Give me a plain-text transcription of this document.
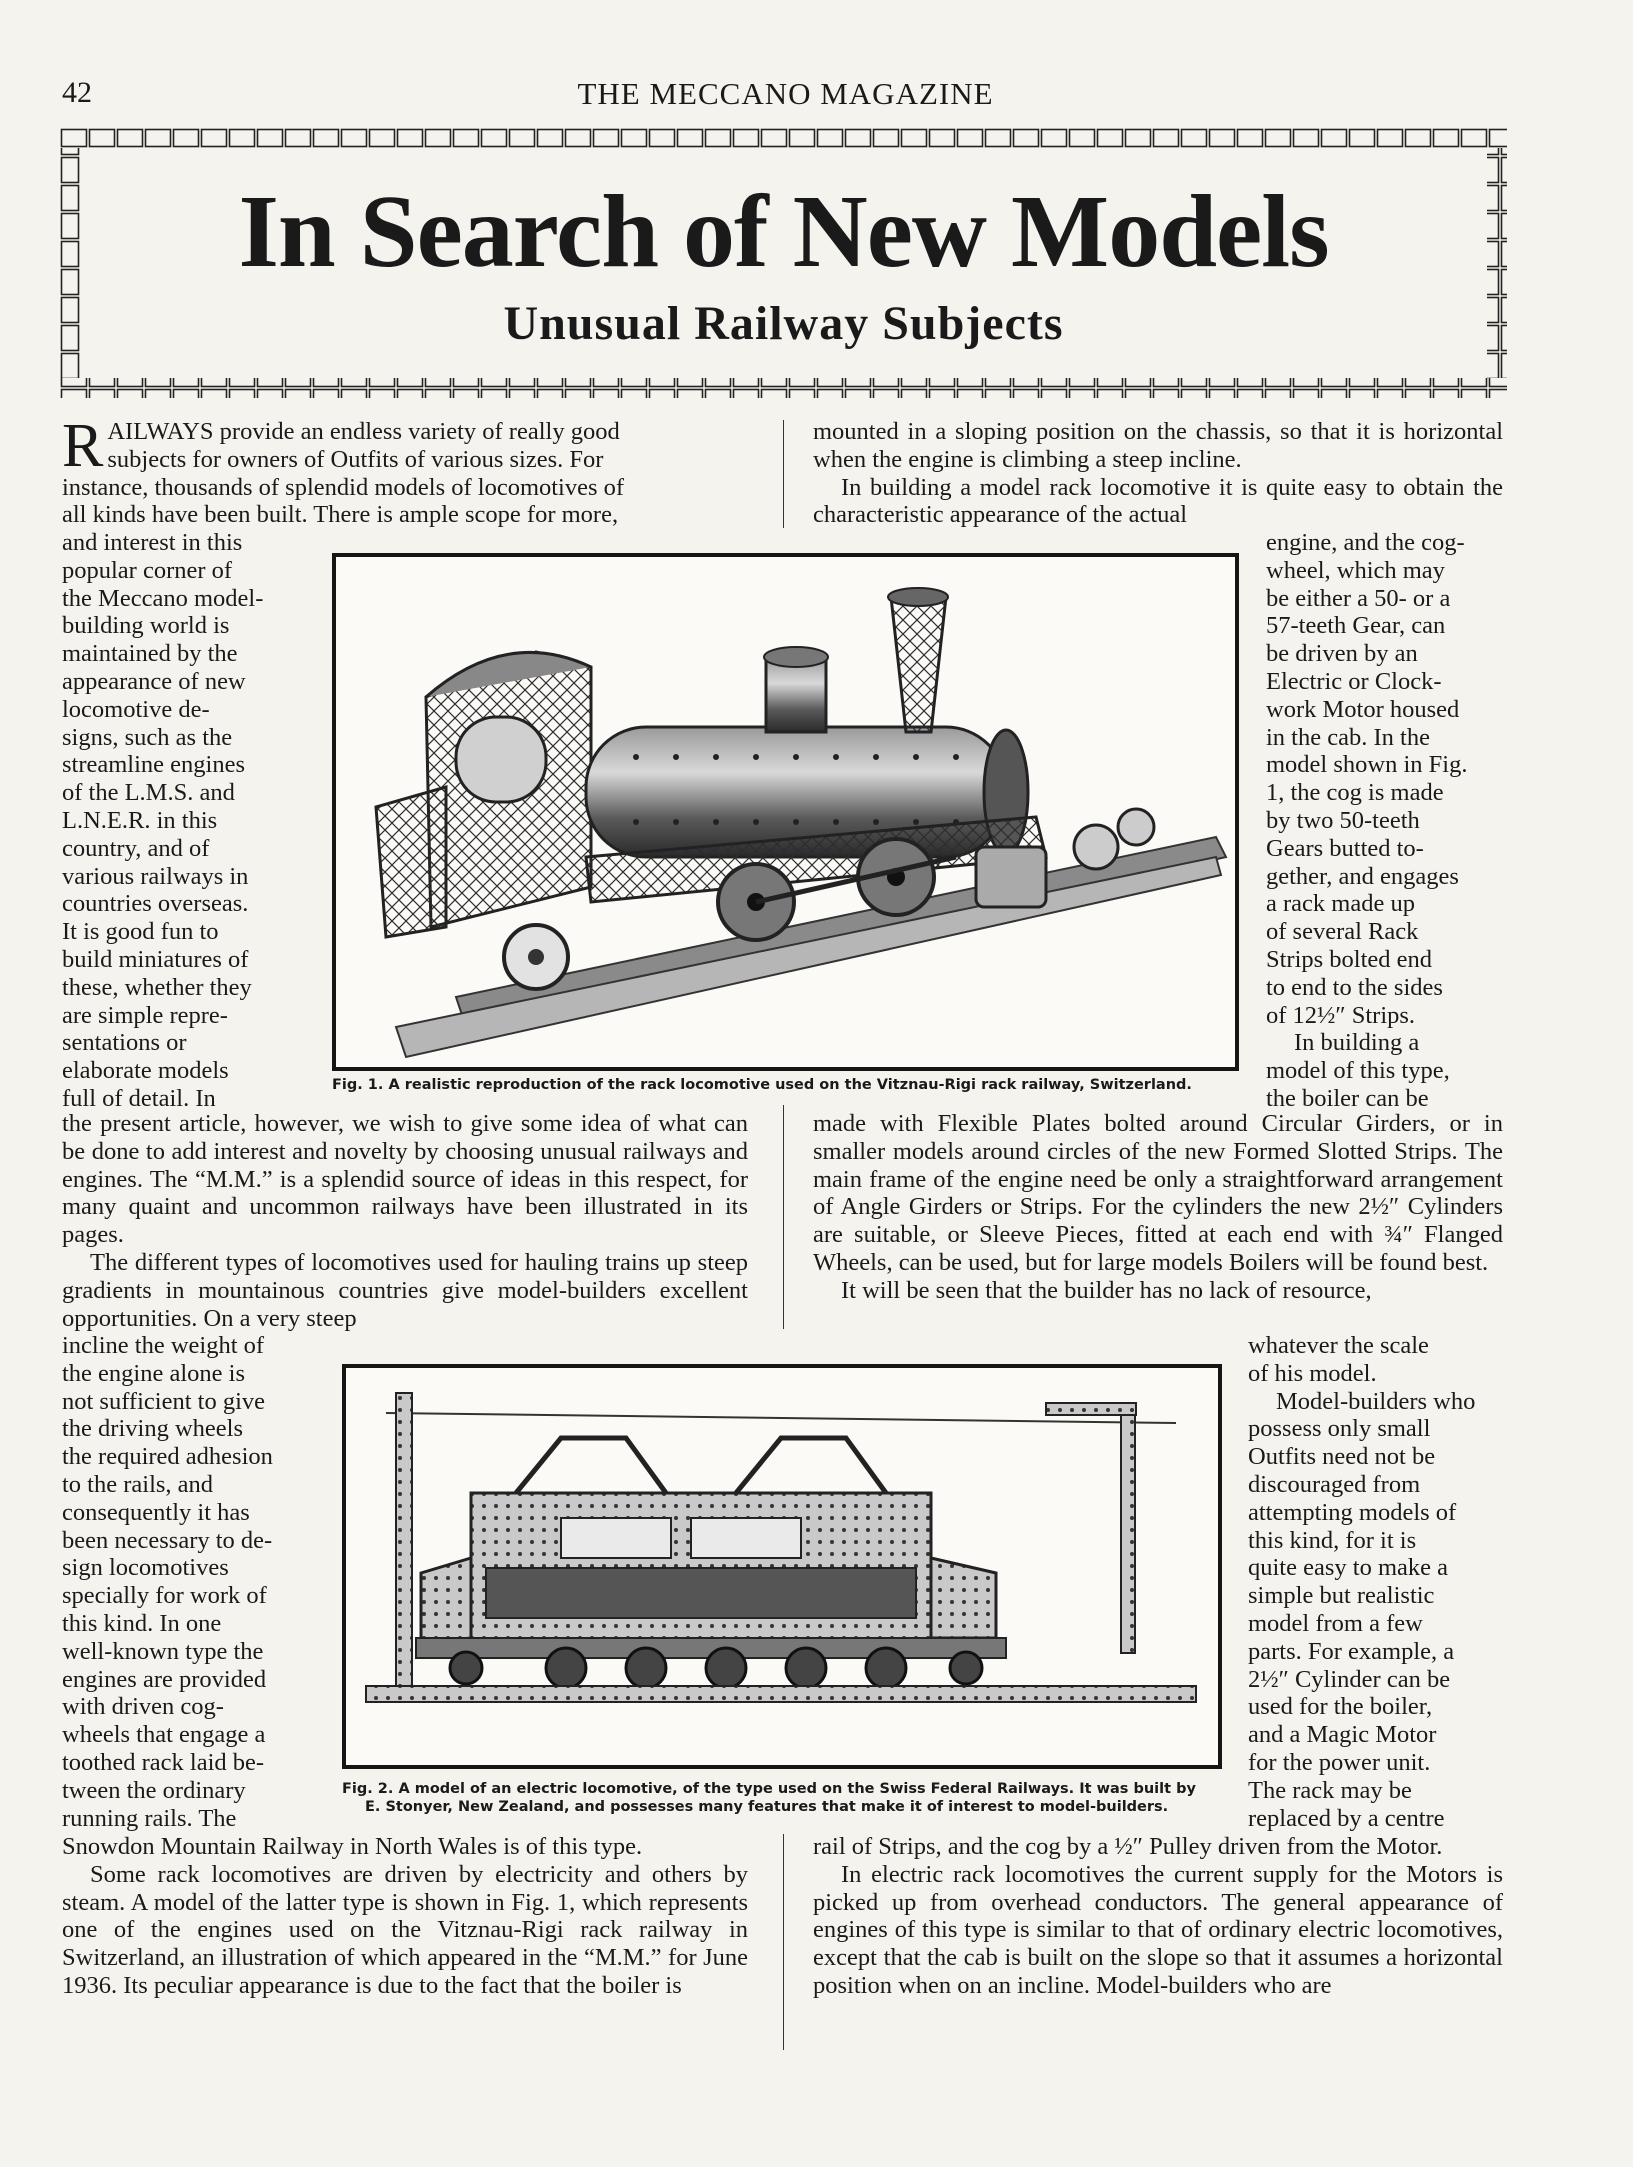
42	THE MECCANO MAGAZINE
In Search of New Models
Unusual Railway Subjects
R AILWAYS provide an endless variety of really good
subjects for owners of Outfits of various sizes. For
instance, thousands of splendid models of locomotives of
all kinds have been built. There is ample scope for more,
and interest in this
popular corner of
the Meccano model-
building world is
maintained by the
appearance of new
locomotive de-
signs, such as the
streamline engines
of the L.M.S. and
L.N.E.R. in this
country, and of
various railways in
countries overseas.
It is good fun to
build miniatures of
these, whether they
are simple repre-
sentations or
elaborate models
full of detail. In

the present article, however, we wish to give some idea of what can be done to add interest and novelty by choosing unusual railways and engines. The “M.M.” is a splendid source of ideas in this respect, for many quaint and uncommon railways have been illustrated in its pages.

The different types of locomotives used for hauling trains up steep gradients in mountainous countries give model-builders excellent opportunities. On a very steep

incline the weight of
the engine alone is
not sufficient to give
the driving wheels
the required adhesion
to the rails, and
consequently it has
been necessary to de-
sign locomotives
specially for work of
this kind. In one
well-known type the
engines are provided
with driven cog-
wheels that engage a
toothed rack laid be-
tween the ordinary
running rails. The

Snowdon Mountain Railway in North Wales is of this type.

Some rack locomotives are driven by electricity and others by steam. A model of the latter type is shown in Fig. 1, which represents one of the engines used on the Vitznau-Rigi rack railway in Switzerland, an illustration of which appeared in the “M.M.” for June 1936. Its peculiar appearance is due to the fact that the boiler is

mounted in a sloping position on the chassis, so that it is horizontal when the engine is climbing a steep incline.

In building a model rack locomotive it is quite easy to obtain the characteristic appearance of the actual

engine, and the cog-
wheel, which may
be either a 50- or a
57-teeth Gear, can
be driven by an
Electric or Clock-
work Motor housed
in the cab. In the
model shown in Fig.
1, the cog is made
by two 50-teeth
Gears butted to-
gether, and engages
a rack made up
of several Rack
Strips bolted end
to end to the sides
of 12½″ Strips.
In building a
model of this type,
the boiler can be

made with Flexible Plates bolted around Circular Girders, or in smaller models around circles of the new Formed Slotted Strips. The main frame of the engine need be only a straightforward arrangement of Angle Girders or Strips. For the cylinders the new 2½″ Cylinders are suitable, or Sleeve Pieces, fitted at each end with ¾″ Flanged Wheels, can be used, but for large models Boilers will be found best.

It will be seen that the builder has no lack of resource,

whatever the scale
of his model.
Model-builders who
possess only small
Outfits need not be
discouraged from
attempting models of
this kind, for it is
quite easy to make a
simple but realistic
model from a few
parts. For example, a
2½″ Cylinder can be
used for the boiler,
and a Magic Motor
for the power unit.
The rack may be
replaced by a centre

rail of Strips, and the cog by a ½″ Pulley driven from the Motor.

In electric rack locomotives the current supply for the Motors is picked up from overhead conductors. The general appearance of engines of this type is similar to that of ordinary electric locomotives, except that the cab is built on the slope so that it assumes a horizontal position when on an incline. Model-builders who are

Fig. 1. A realistic reproduction of the rack locomotive used on the Vitznau-Rigi rack railway, Switzerland.
Fig. 2. A model of an electric locomotive, of the type used on the Swiss Federal Railways. It was built by
E. Stonyer, New Zealand, and possesses many features that make it of interest to model-builders.
